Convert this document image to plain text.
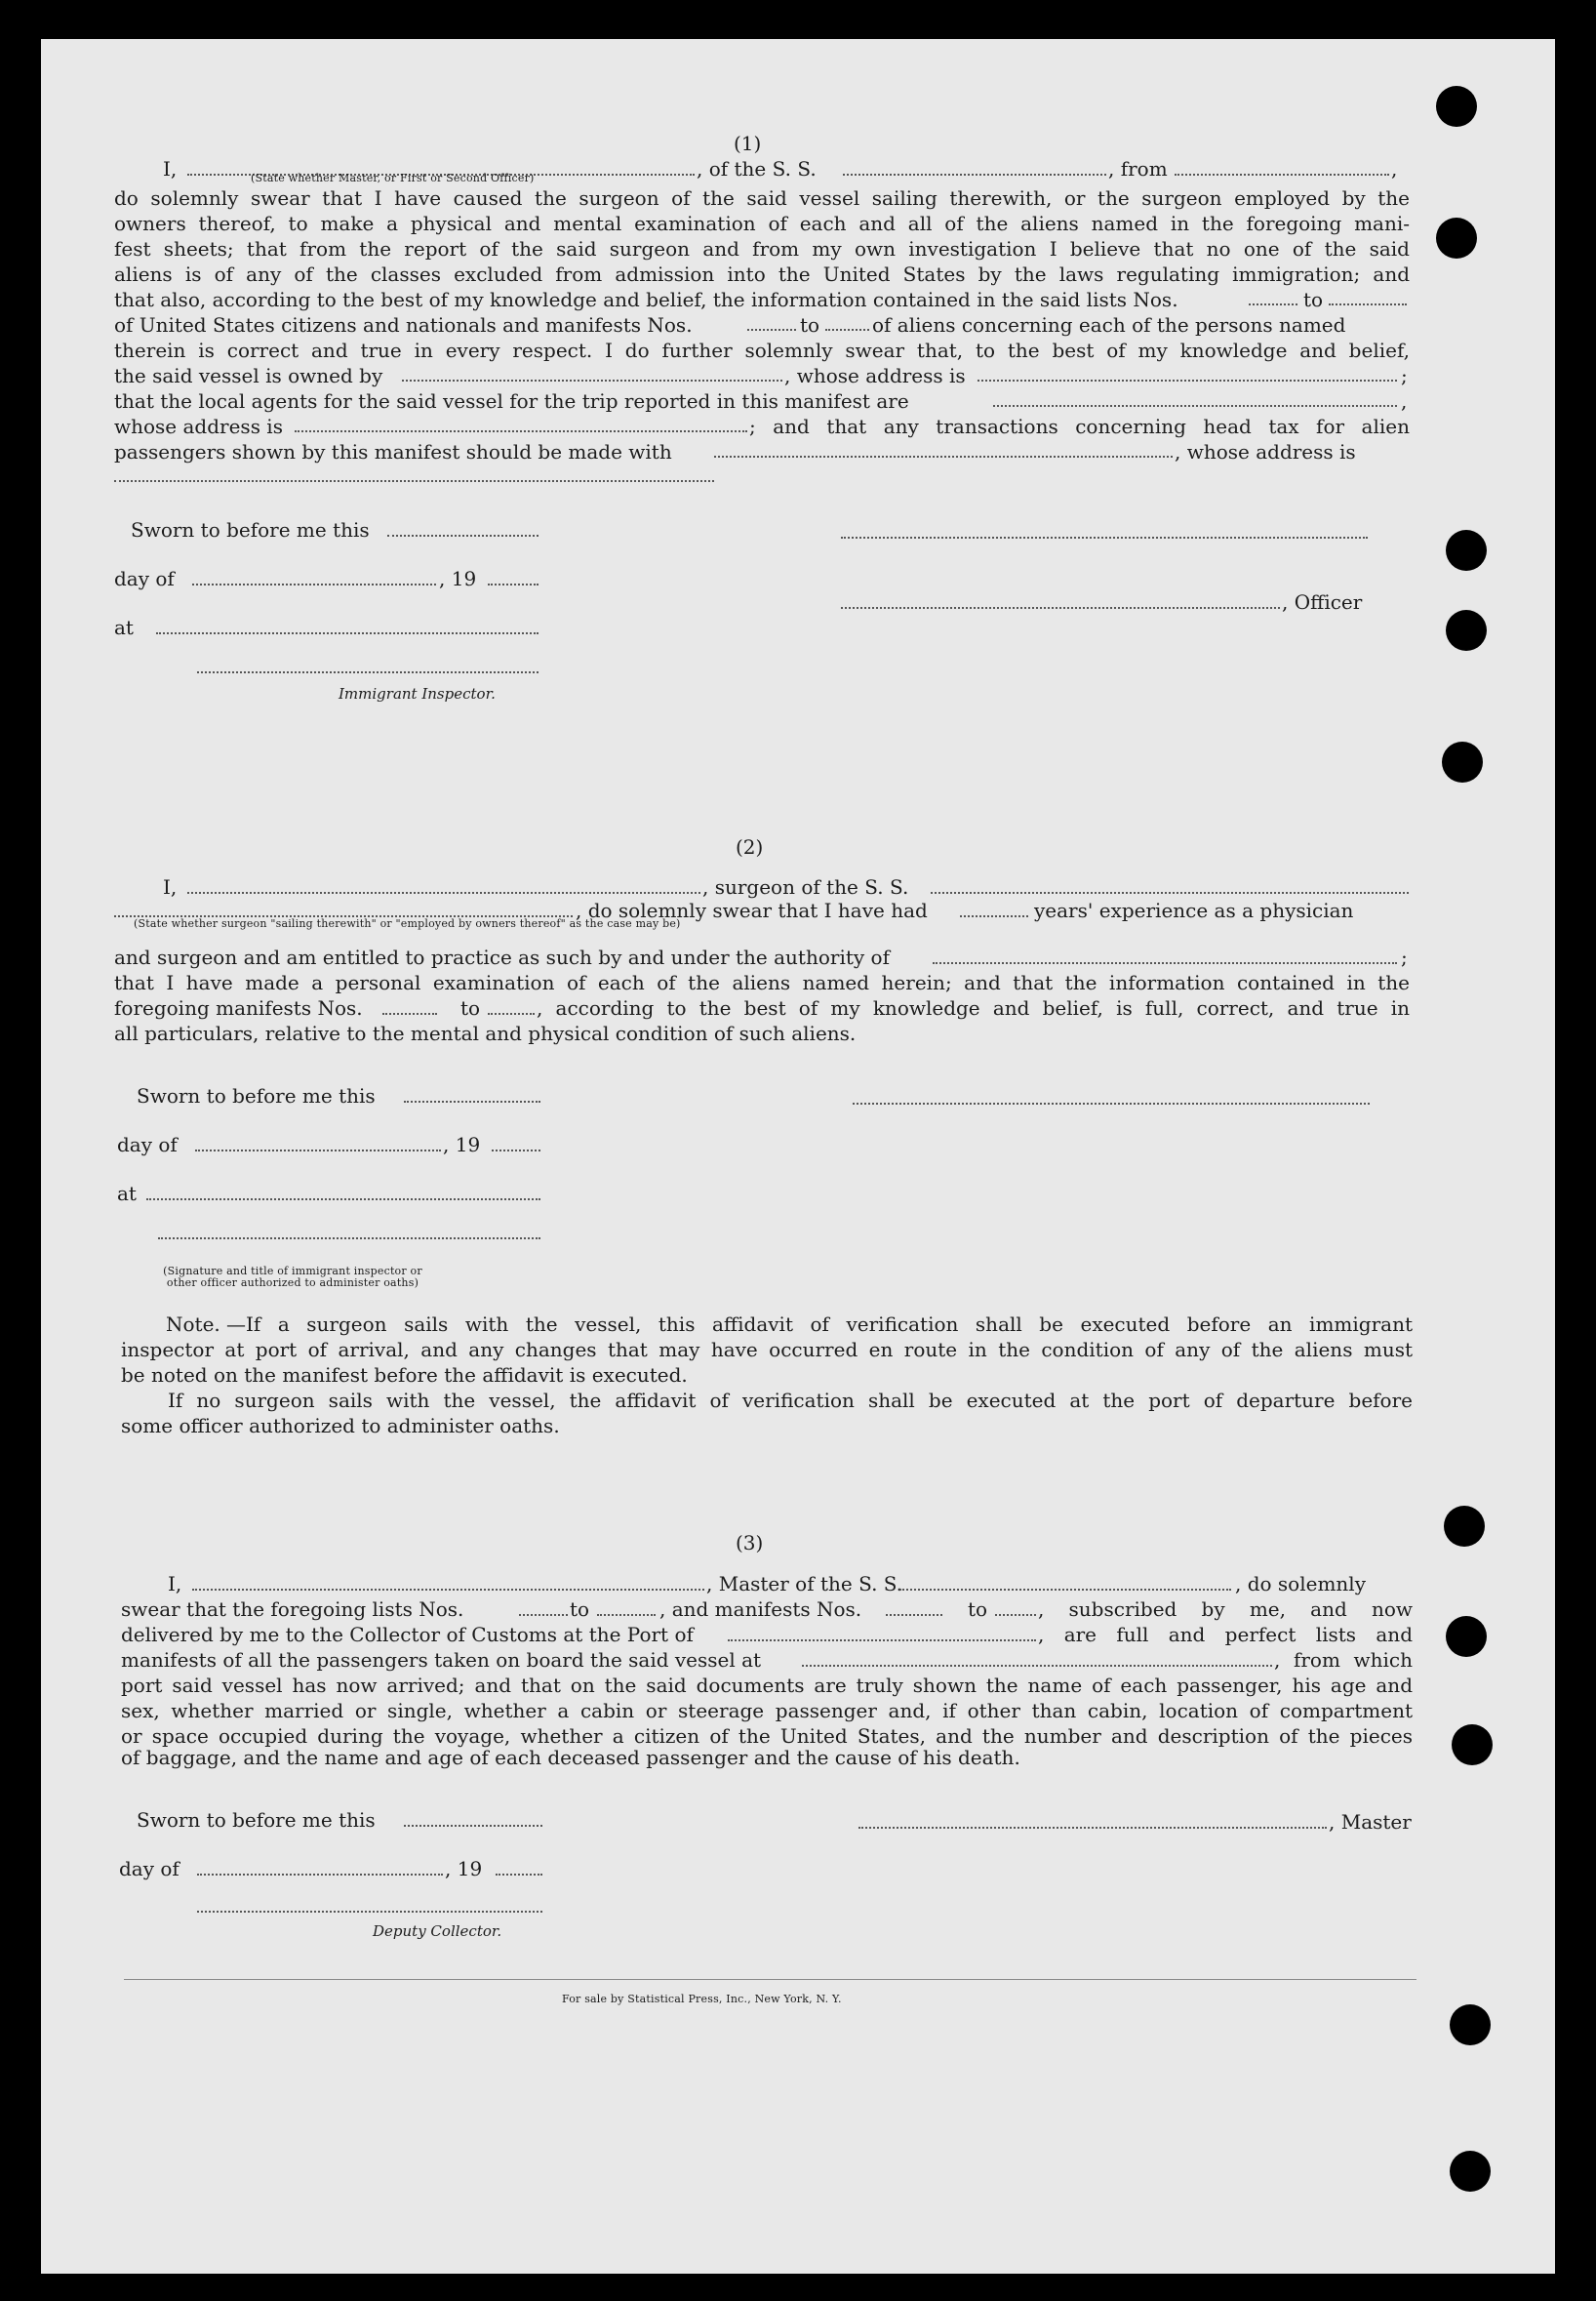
(1)
I,	, of the S. S.	, from	,
(State whether Master, or First or Second Officer)
do solemnly swear that I have caused the surgeon of the said vessel sailing therewith, or the surgeon employed by the
owners thereof, to make a physical and mental examination of each and all of the aliens named in the foregoing mani-
fest sheets; that from the report of the said surgeon and from my own investigation I believe that no one of the said
aliens is of any of the classes excluded from admission into the United States by the laws regulating immigration; and
that also, according to the best of my knowledge and belief, the information contained in the said lists Nos.	to
of United States citizens and nationals and manifests Nos.	to	of aliens concerning each of the persons named
therein is correct and true in every respect. I do further solemnly swear that, to the best of my knowledge and belief,
the said vessel is owned by	, whose address is	;
that the local agents for the said vessel for the trip reported in this manifest are	,
whose address is	; and that any transactions concerning head tax for alien
passengers shown by this manifest should be made with	, whose address is
Sworn to before me this
day of	, 19
, Officer
at
Immigrant Inspector.
(2)
I,	, surgeon of the S. S.
, do solemnly swear that I have had	years' experience as a physician
(State whether surgeon "sailing therewith" or "employed by owners thereof" as the case may be)
and surgeon and am entitled to practice as such by and under the authority of	;
that I have made a personal examination of each of the aliens named herein; and that the information contained in the
foregoing manifests Nos.	to	, according to the best of my knowledge and belief, is full, correct, and true in
all particulars, relative to the mental and physical condition of such aliens.
Sworn to before me this
day of	, 19
at
(Signature and title of immigrant inspector or
other officer authorized to administer oaths)
Note. —If a surgeon sails with the vessel, this affidavit of verification shall be executed before an immigrant
inspector at port of arrival, and any changes that may have occurred en route in the condition of any of the aliens must
be noted on the manifest before the affidavit is executed.
If no surgeon sails with the vessel, the affidavit of verification shall be executed at the port of departure before
some officer authorized to administer oaths.
(3)
I,	, Master of the S. S.	, do solemnly
swear that the foregoing lists Nos.	to	, and manifests Nos.	to	, subscribed by me, and now
delivered by me to the Collector of Customs at the Port of	, are full and perfect lists and
manifests of all the passengers taken on board the said vessel at	, from which
port said vessel has now arrived; and that on the said documents are truly shown the name of each passenger, his age and
sex, whether married or single, whether a cabin or steerage passenger and, if other than cabin, location of compartment
or space occupied during the voyage, whether a citizen of the United States, and the number and description of the pieces
of baggage, and the name and age of each deceased passenger and the cause of his death.
Sworn to before me this	, Master
day of	, 19
Deputy Collector.
For sale by Statistical Press, Inc., New York, N. Y.
